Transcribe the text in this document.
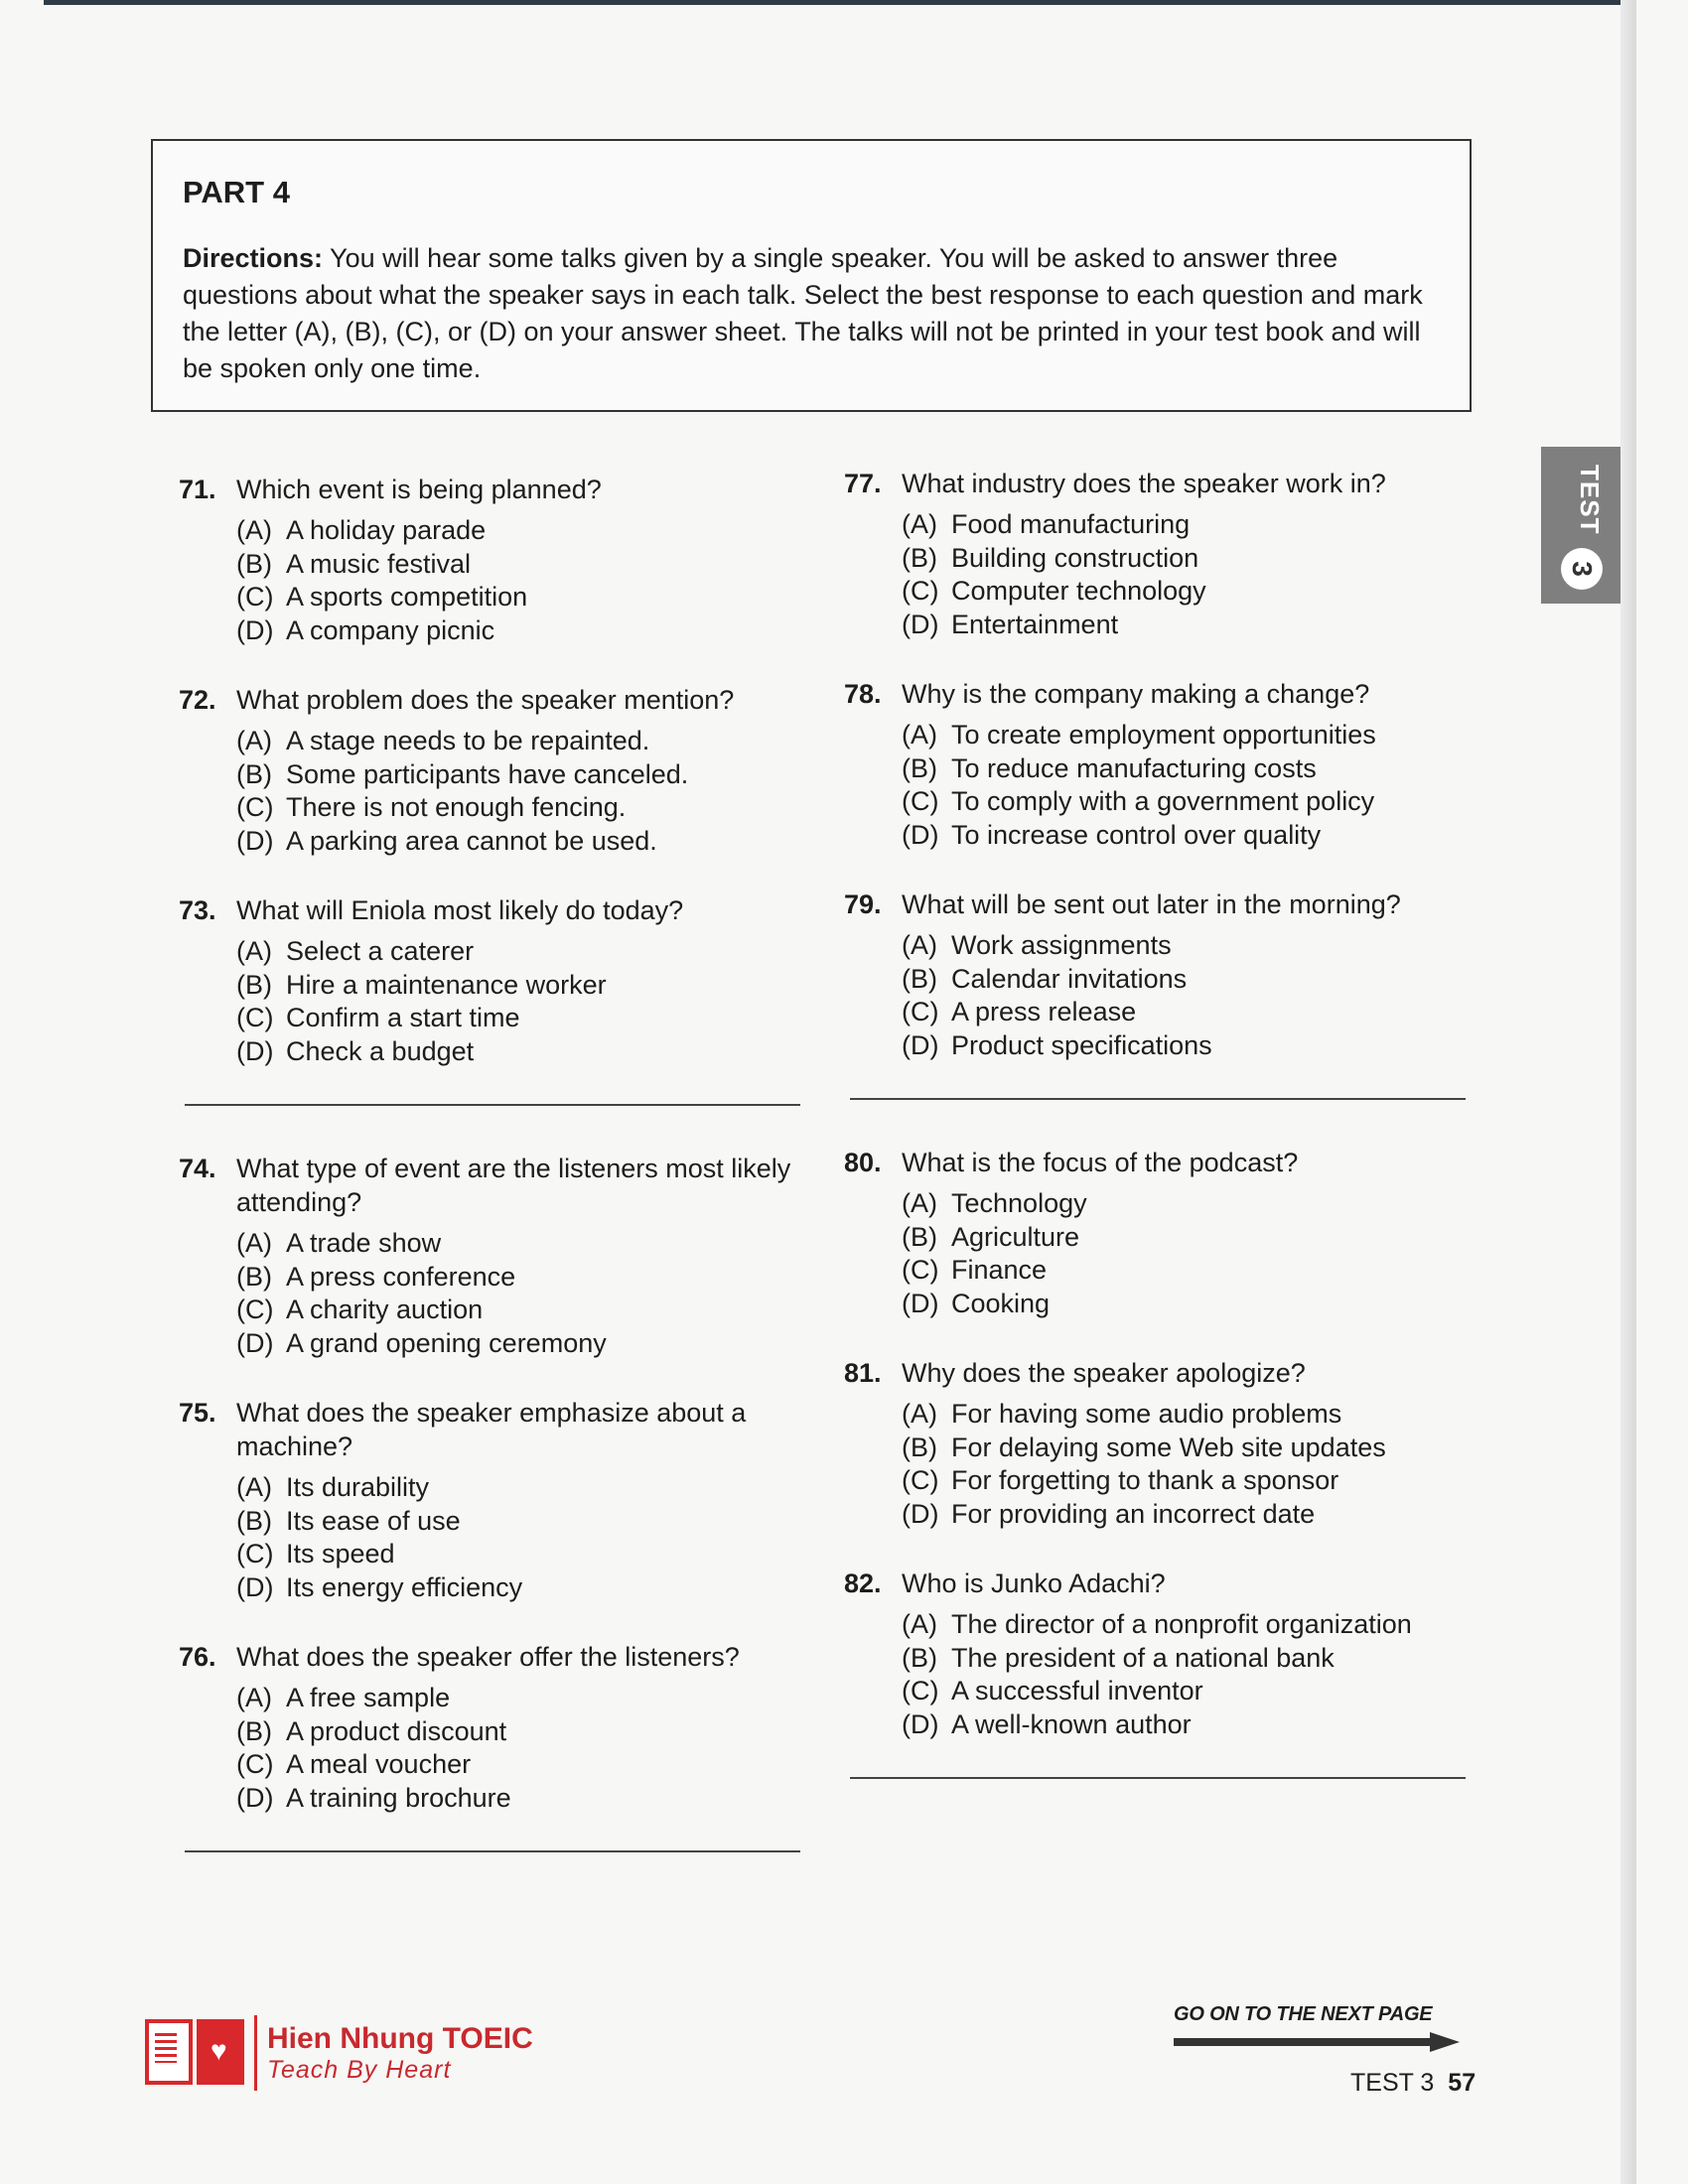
PART 4

Directions: You will hear some talks given by a single speaker. You will be asked to answer three questions about what the speaker says in each talk. Select the best response to each question and mark the letter (A), (B), (C), or (D) on your answer sheet. The talks will not be printed in your test book and will be spoken only one time.

71. Which event is being planned?
(A) A holiday parade
(B) A music festival
(C) A sports competition
(D) A company picnic
72. What problem does the speaker mention?
(A) A stage needs to be repainted.
(B) Some participants have canceled.
(C) There is not enough fencing.
(D) A parking area cannot be used.
73. What will Eniola most likely do today?
(A) Select a caterer
(B) Hire a maintenance worker
(C) Confirm a start time
(D) Check a budget
74. What type of event are the listeners most likely attending?
(A) A trade show
(B) A press conference
(C) A charity auction
(D) A grand opening ceremony
75. What does the speaker emphasize about a machine?
(A) Its durability
(B) Its ease of use
(C) Its speed
(D) Its energy efficiency
76. What does the speaker offer the listeners?
(A) A free sample
(B) A product discount
(C) A meal voucher
(D) A training brochure
77. What industry does the speaker work in?
(A) Food manufacturing
(B) Building construction
(C) Computer technology
(D) Entertainment
78. Why is the company making a change?
(A) To create employment opportunities
(B) To reduce manufacturing costs
(C) To comply with a government policy
(D) To increase control over quality
79. What will be sent out later in the morning?
(A) Work assignments
(B) Calendar invitations
(C) A press release
(D) Product specifications
80. What is the focus of the podcast?
(A) Technology
(B) Agriculture
(C) Finance
(D) Cooking
81. Why does the speaker apologize?
(A) For having some audio problems
(B) For delaying some Web site updates
(C) For forgetting to thank a sponsor
(D) For providing an incorrect date
82. Who is Junko Adachi?
(A) The director of a nonprofit organization
(B) The president of a national bank
(C) A successful inventor
(D) A well-known author
TEST
3
♥ Hien Nhung TOEIC
Teach By Heart
GO ON TO THE NEXT PAGE
TEST 3 57
